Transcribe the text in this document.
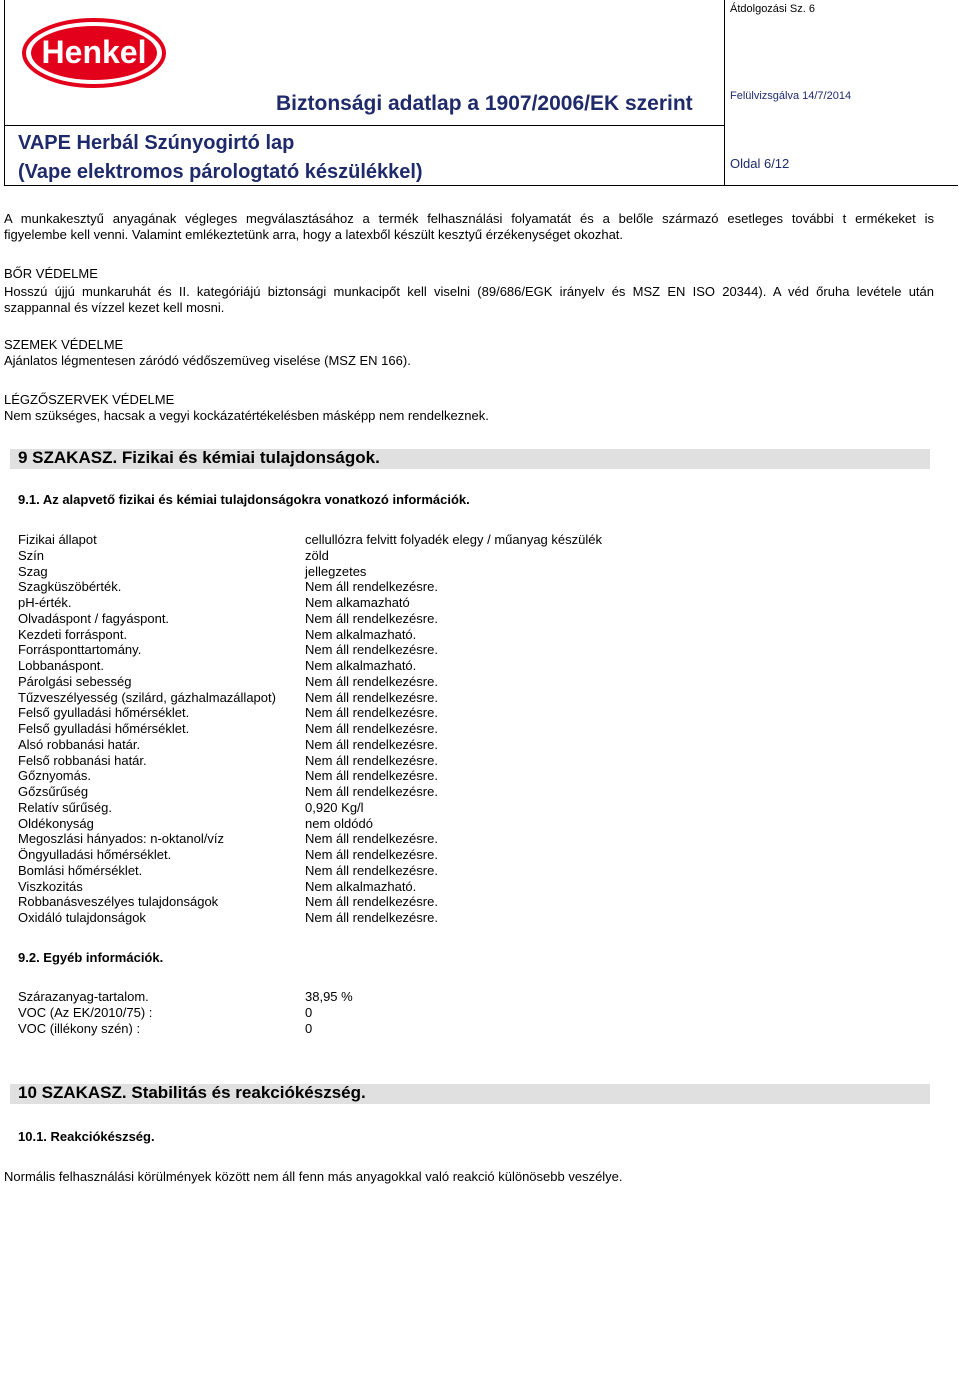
Henkel
Átdolgozási Sz. 6
Biztonsági adatlap a 1907/2006/EK szerint	Felülvizsgálva 14/7/2014
VAPE Herbál Szúnyogirtó lap
(Vape elektromos párologtató készülékkel)	Oldal 6/12
A munkakesztyű anyagának végleges megválasztásához a termék felhasználási folyamatát és a belőle származó esetleges további t ermékeket is
figyelembe kell venni. Valamint emlékeztetünk arra, hogy a latexből készült kesztyű érzékenységet okozhat.
BŐR VÉDELME
Hosszú újjú munkaruhát és II. kategóriájú biztonsági munkacipőt kell viselni (89/686/EGK irányelv és MSZ EN ISO 20344). A véd őruha levétele után
szappannal és vízzel kezet kell mosni.
SZEMEK VÉDELME
Ajánlatos légmentesen záródó védőszemüveg viselése (MSZ EN 166).
LÉGZŐSZERVEK VÉDELME
Nem szükséges, hacsak a vegyi kockázatértékelésben másképp nem rendelkeznek.
9 SZAKASZ. Fizikai és kémiai tulajdonságok.
9.1. Az alapvető fizikai és kémiai tulajdonságokra vonatkozó információk.
Fizikai állapot	cellullózra felvitt folyadék elegy / műanyag készülék
Szín	zöld
Szag	jellegzetes
Szagküszöbérték.	Nem áll rendelkezésre.
pH-érték.	Nem alkamazható
Olvadáspont / fagyáspont.	Nem áll rendelkezésre.
Kezdeti forráspont.	Nem alkalmazható.
Forrásponttartomány.	Nem áll rendelkezésre.
Lobbanáspont.	Nem alkalmazható.
Párolgási sebesség	Nem áll rendelkezésre.
Tűzveszélyesség (szilárd, gázhalmazállapot) Nem áll rendelkezésre.
Felső gyulladási hőmérséklet.	Nem áll rendelkezésre.
Felső gyulladási hőmérséklet.	Nem áll rendelkezésre.
Alsó robbanási határ.	Nem áll rendelkezésre.
Felső robbanási határ.	Nem áll rendelkezésre.
Gőznyomás.	Nem áll rendelkezésre.
Gőzsűrűség	Nem áll rendelkezésre.
Relatív sűrűség.	0,920 Kg/l
Oldékonyság	nem oldódó
Megoszlási hányados: n-oktanol/víz	Nem áll rendelkezésre.
Öngyulladási hőmérséklet.	Nem áll rendelkezésre.
Bomlási hőmérséklet.	Nem áll rendelkezésre.
Viszkozitás	Nem alkalmazható.
Robbanásveszélyes tulajdonságok	Nem áll rendelkezésre.
Oxidáló tulajdonságok	Nem áll rendelkezésre.
9.2. Egyéb információk.
Szárazanyag-tartalom.	38,95 %
VOC (Az EK/2010/75) :	0
VOC (illékony szén) :	0
10 SZAKASZ. Stabilitás és reakciókészség.
10.1. Reakciókészség.
Normális felhasználási körülmények között nem áll fenn más anyagokkal való reakció különösebb veszélye.
